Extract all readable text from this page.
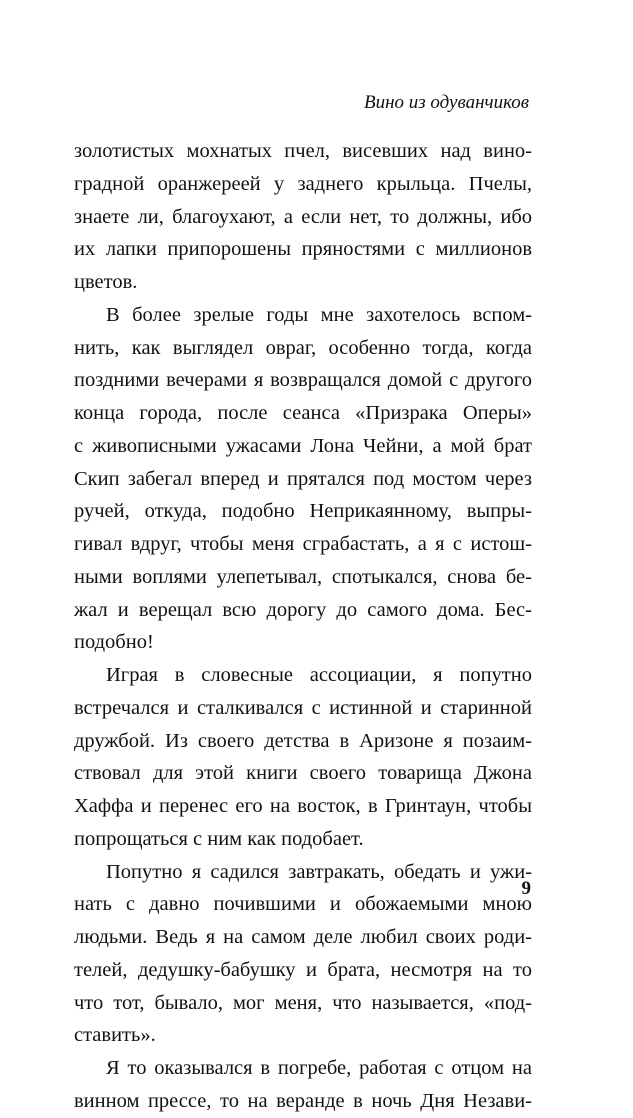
Вино из одуванчиков
золотистых мохнатых пчел, висевших над вино-
градной оранжереей у заднего крыльца. Пчелы,
знаете ли, благоухают, а если нет, то должны, ибо
их лапки припорошены пряностями с миллионов
цветов.
В более зрелые годы мне захотелось вспом-
нить, как выглядел овраг, особенно тогда, когда
поздними вечерами я возвращался домой с другого
конца города, после сеанса «Призрака Оперы»
с живописными ужасами Лона Чейни, а мой брат
Скип забегал вперед и прятался под мостом через
ручей, откуда, подобно Неприкаянному, выпры-
гивал вдруг, чтобы меня сграбастать, а я с истош-
ными воплями улепетывал, спотыкался, снова бе-
жал и верещал всю дорогу до самого дома. Бес-
подобно!
Играя в словесные ассоциации, я попутно
встречался и сталкивался с истинной и старинной
дружбой. Из своего детства в Аризоне я позаим-
ствовал для этой книги своего товарища Джона
Хаффа и перенес его на восток, в Гринтаун, чтобы
попрощаться с ним как подобает.
Попутно я садился завтракать, обедать и ужи-
нать с давно почившими и обожаемыми мною
людьми. Ведь я на самом деле любил своих роди-
телей, дедушку-бабушку и брата, несмотря на то
что тот, бывало, мог меня, что называется, «под-
ставить».
Я то оказывался в погребе, работая с отцом на
винном прессе, то на веранде в ночь Дня Незави-
9
